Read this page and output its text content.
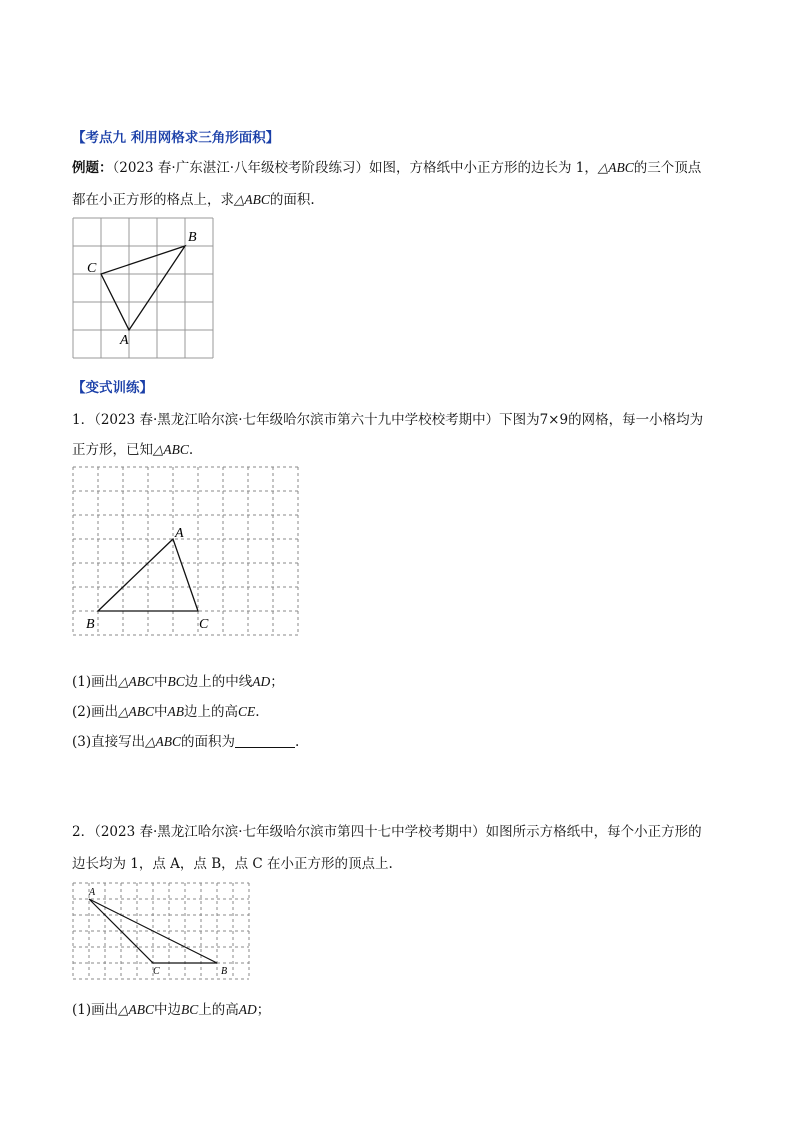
【考点九 利用网格求三角形面积】
例题：（2023 春·广东湛江·八年级校考阶段练习）如图，方格纸中小正方形的边长为 1，△ABC的三个顶点
都在小正方形的格点上，求△ABC的面积.
A
B
C
【变式训练】
1．（2023 春·黑龙江哈尔滨·七年级哈尔滨市第六十九中学校校考期中）下图为7×9的网格，每一小格均为
正方形，已知△ABC.
A
B	C
(1)画出△ABC中BC边上的中线AD；
(2)画出△ABC中AB边上的高CE.
(3)直接写出△ABC的面积为	.
2．（2023 春·黑龙江哈尔滨·七年级哈尔滨市第四十七中学校考期中）如图所示方格纸中，每个小正方形的
边长均为 1，点 A，点 B，点 C 在小正方形的顶点上.
A
B
C
(1)画出△ABC中边BC上的高AD；
